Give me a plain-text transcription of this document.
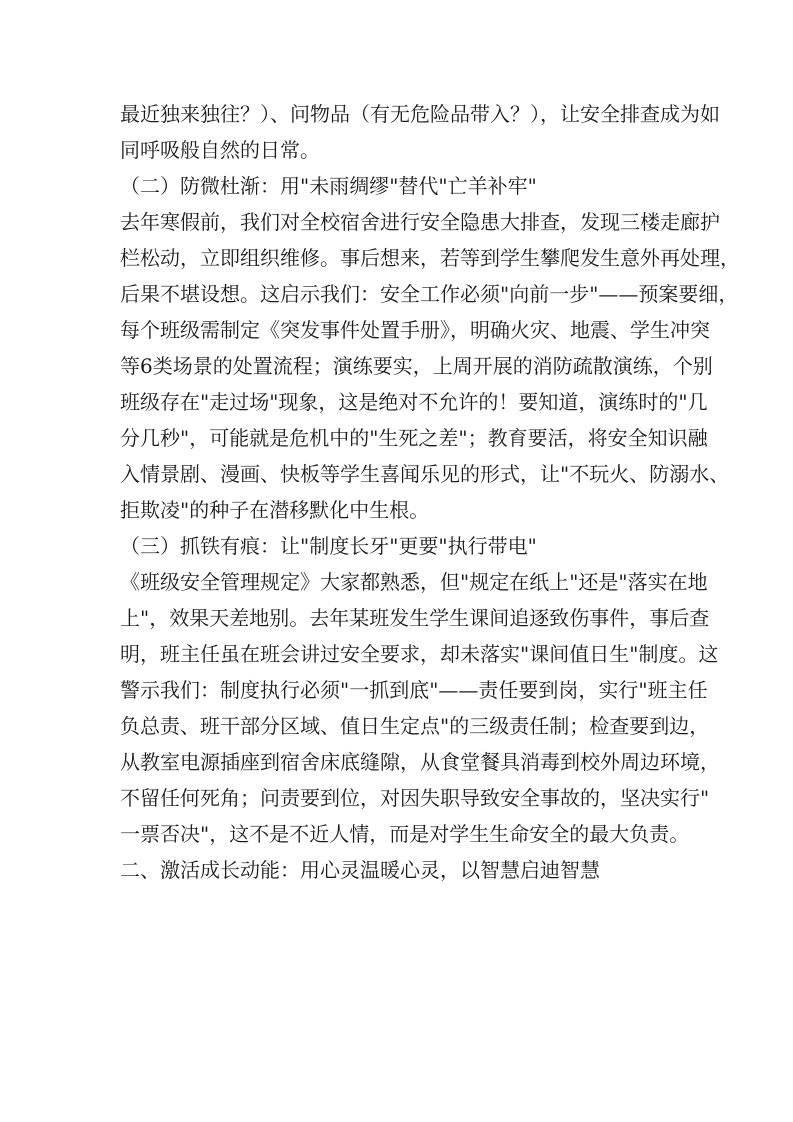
最近独来独往？）、问物品（有无危险品带入？），让安全排查成为如
同呼吸般自然的日常。
（二）防微杜渐：用"未雨绸缪"替代"亡羊补牢"
去年寒假前，我们对全校宿舍进行安全隐患大排查，发现三楼走廊护
栏松动，立即组织维修。事后想来，若等到学生攀爬发生意外再处理，
后果不堪设想。这启示我们：安全工作必须"向前一步"——预案要细，
每个班级需制定《突发事件处置手册》，明确火灾、地震、学生冲突
等6类场景的处置流程；演练要实，上周开展的消防疏散演练，个别
班级存在"走过场"现象，这是绝对不允许的！要知道，演练时的"几
分几秒"，可能就是危机中的"生死之差"；教育要活，将安全知识融
入情景剧、漫画、快板等学生喜闻乐见的形式，让"不玩火、防溺水、
拒欺凌"的种子在潜移默化中生根。
（三）抓铁有痕：让"制度长牙"更要"执行带电"
《班级安全管理规定》大家都熟悉，但"规定在纸上"还是"落实在地
上"，效果天差地别。去年某班发生学生课间追逐致伤事件，事后查
明，班主任虽在班会讲过安全要求，却未落实"课间值日生"制度。这
警示我们：制度执行必须"一抓到底"——责任要到岗，实行"班主任
负总责、班干部分区域、值日生定点"的三级责任制；检查要到边，
从教室电源插座到宿舍床底缝隙，从食堂餐具消毒到校外周边环境，
不留任何死角；问责要到位，对因失职导致安全事故的，坚决实行"
一票否决"，这不是不近人情，而是对学生生命安全的最大负责。
二、激活成长动能：用心灵温暖心灵，以智慧启迪智慧
